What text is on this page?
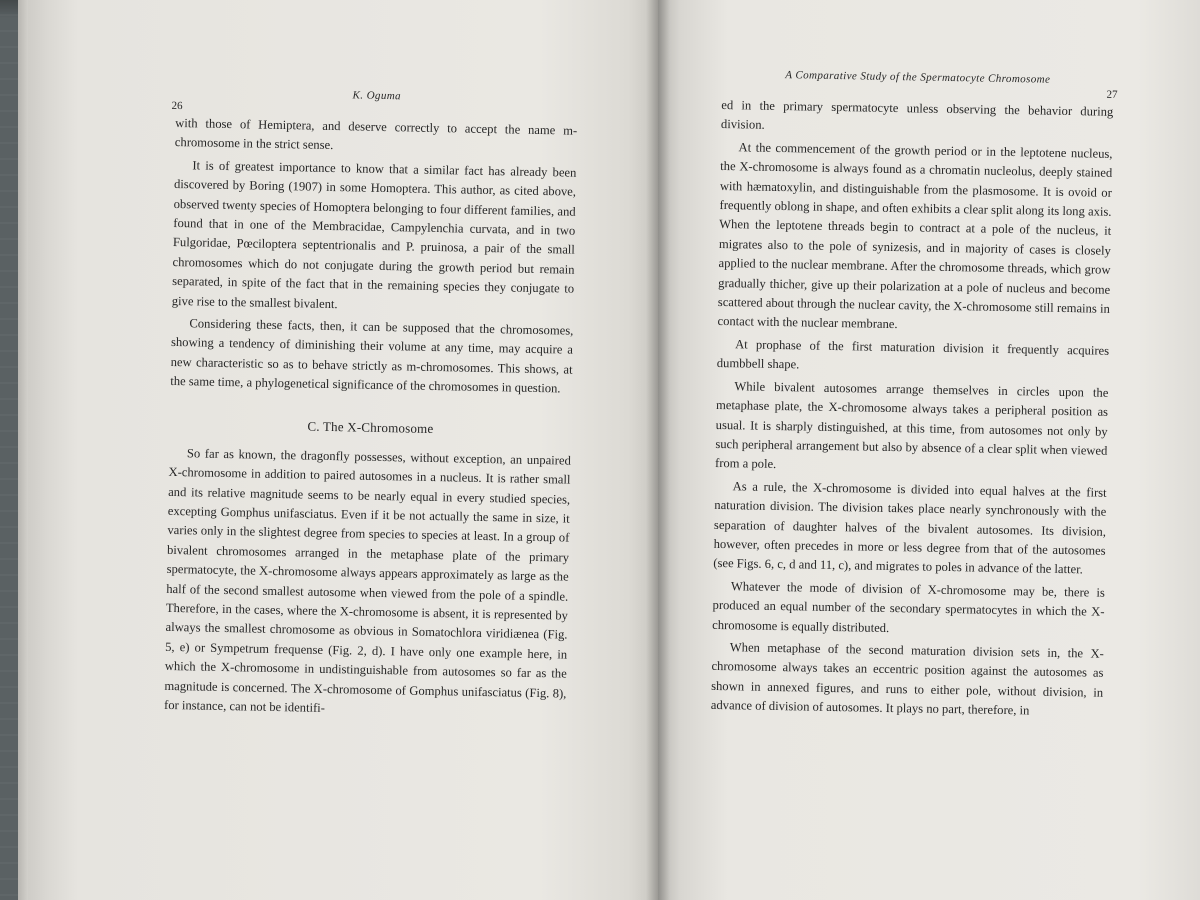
26
K. Oguma

with those of Hemiptera, and deserve correctly to accept the name m-chromosome in the strict sense.

It is of greatest importance to know that a similar fact has already been discovered by Boring (1907) in some Homoptera. This author, as cited above, observed twenty species of Homoptera belonging to four different families, and found that in one of the Membracidae, Campylenchia curvata, and in two Fulgoridae, Pœciloptera septentrionalis and P. pruinosa, a pair of the small chromosomes which do not conjugate during the growth period but remain separated, in spite of the fact that in the remaining species they conjugate to give rise to the smallest bivalent.

Considering these facts, then, it can be supposed that the chromosomes, showing a tendency of diminishing their volume at any time, may acquire a new characteristic so as to behave strictly as m-chromosomes. This shows, at the same time, a phylogenetical significance of the chromosomes in question.

C. The X-Chromosome

So far as known, the dragonfly possesses, without exception, an unpaired X-chromosome in addition to paired autosomes in a nucleus. It is rather small and its relative magnitude seems to be nearly equal in every studied species, excepting Gomphus unifasciatus. Even if it be not actually the same in size, it varies only in the slightest degree from species to species at least. In a group of bivalent chromosomes arranged in the metaphase plate of the primary spermatocyte, the X-chromosome always appears approximately as large as the half of the second smallest autosome when viewed from the pole of a spindle. Therefore, in the cases, where the X-chromosome is absent, it is represented by always the smallest chromosome as obvious in Somatochlora viridiænea (Fig. 5, e) or Sympetrum frequense (Fig. 2, d). I have only one example here, in which the X-chromosome in undistinguishable from autosomes so far as the magnitude is concerned. The X-chromosome of Gomphus unifasciatus (Fig. 8), for instance, can not be identifi-

27
A Comparative Study of the Spermatocyte Chromosome

ed in the primary spermatocyte unless observing the behavior during division.

At the commencement of the growth period or in the leptotene nucleus, the X-chromosome is always found as a chromatin nucleolus, deeply stained with hæmatoxylin, and distinguishable from the plasmosome. It is ovoid or frequently oblong in shape, and often exhibits a clear split along its long axis. When the leptotene threads begin to contract at a pole of the nucleus, it migrates also to the pole of synizesis, and in majority of cases is closely applied to the nuclear membrane. After the chromosome threads, which grow gradually thicher, give up their polarization at a pole of nucleus and become scattered about through the nuclear cavity, the X-chromosome still remains in contact with the nuclear membrane.

At prophase of the first maturation division it frequently acquires dumbbell shape.

While bivalent autosomes arrange themselves in circles upon the metaphase plate, the X-chromosome always takes a peripheral position as usual. It is sharply distinguished, at this time, from autosomes not only by such peripheral arrangement but also by absence of a clear split when viewed from a pole.

As a rule, the X-chromosome is divided into equal halves at the first naturation division. The division takes place nearly synchronously with the separation of daughter halves of the bivalent autosomes. Its division, however, often precedes in more or less degree from that of the autosomes (see Figs. 6, c, d and 11, c), and migrates to poles in advance of the latter.

Whatever the mode of division of X-chromosome may be, there is produced an equal number of the secondary spermatocytes in which the X-chromosome is equally distributed.

When metaphase of the second maturation division sets in, the X-chromosome always takes an eccentric position against the autosomes as shown in annexed figures, and runs to either pole, without division, in advance of division of autosomes. It plays no part, therefore, in
